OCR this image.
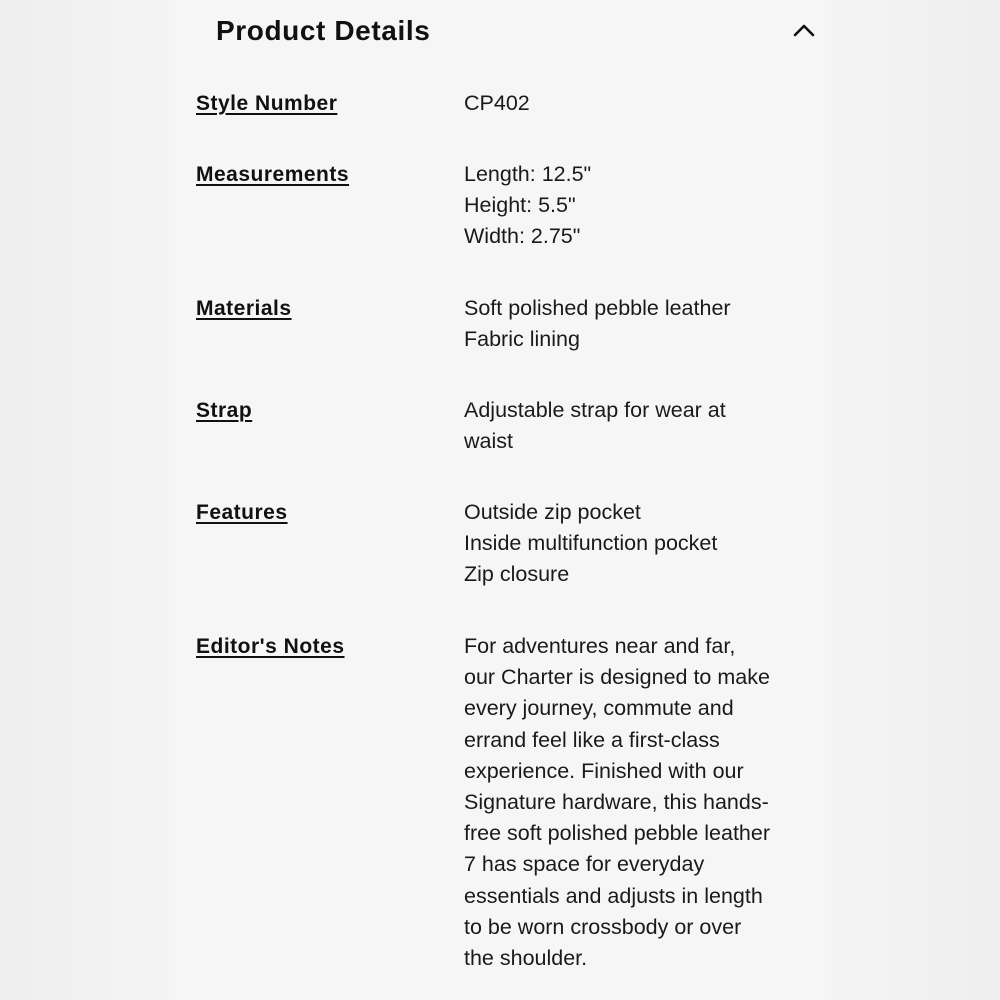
Product Details
Style Number	CP402
Measurements	Length: 12.5"
Height: 5.5"
Width: 2.75"
Materials	Soft polished pebble leather
Fabric lining
Strap	Adjustable strap for wear at
waist
Features	Outside zip pocket
Inside multifunction pocket
Zip closure
Editor's Notes	For adventures near and far,
our Charter is designed to make
every journey, commute and
errand feel like a first-class
experience. Finished with our
Signature hardware, this hands-
free soft polished pebble leather
7 has space for everyday
essentials and adjusts in length
to be worn crossbody or over
the shoulder.
